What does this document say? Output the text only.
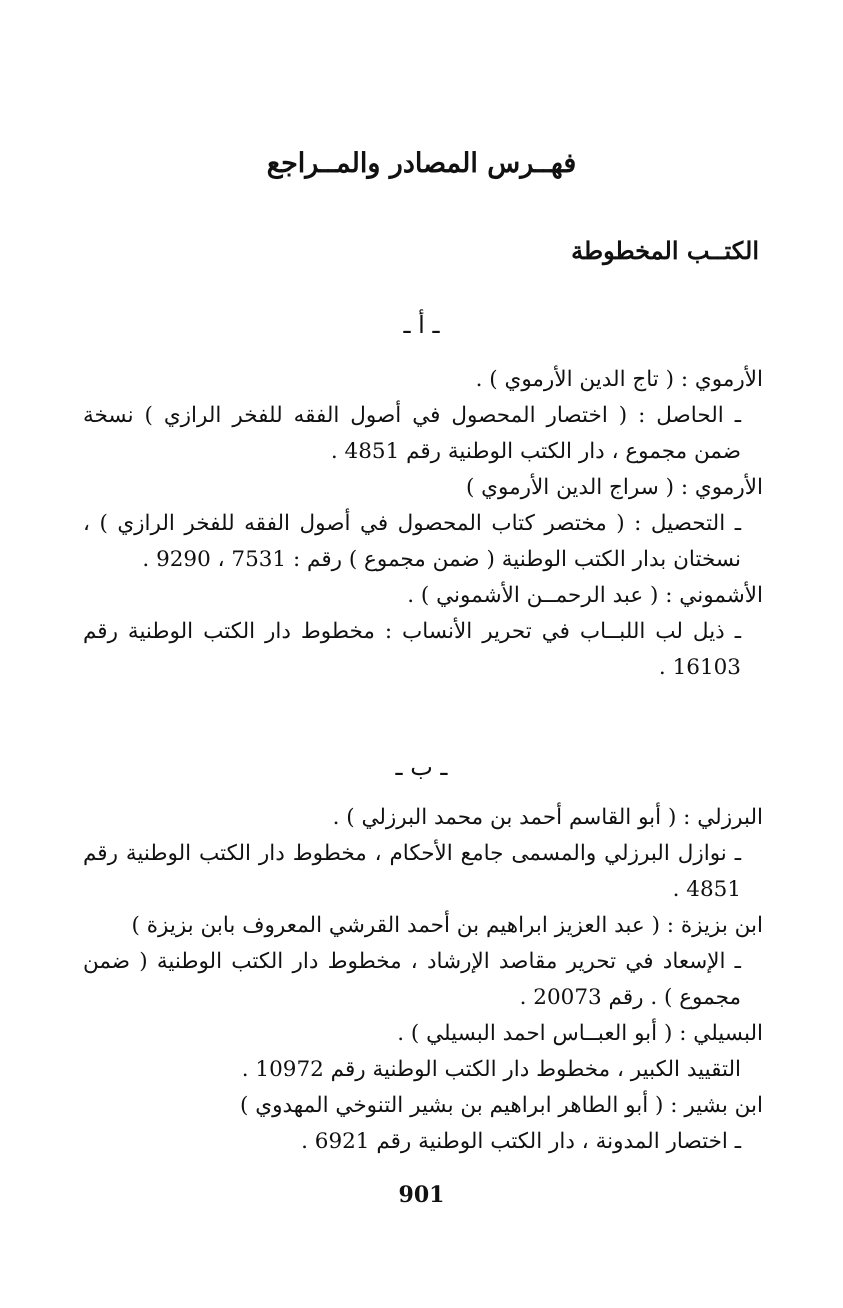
فهــرس المصادر والمــراجع
الكتــب المخطوطة
ـ أ ـ
الأرموي : ( تاج الدين الأرموي ) .
ـ الحاصل : ( اختصار المحصول في أصول الفقه للفخر الرازي ) نسخة ضمن مجموع ، دار الكتب الوطنية رقم 4851 .
الأرموي : ( سراج الدين الأرموي )
ـ التحصيل : ( مختصر كتاب المحصول في أصول الفقه للفخر الرازي ) ، نسختان بدار الكتب الوطنية ( ضمن مجموع ) رقم : 7531 ، 9290 .
الأشموني : ( عبد الرحمــن الأشموني ) .
ـ ذيل لب اللبــاب في تحرير الأنساب : مخطوط دار الكتب الوطنية رقم 16103 .
ـ ب ـ
البرزلي : ( أبو القاسم أحمد بن محمد البرزلي ) .
ـ نوازل البرزلي والمسمى جامع الأحكام ، مخطوط دار الكتب الوطنية رقم 4851 .
ابن بزيزة : ( عبد العزيز ابراهيم بن أحمد القرشي المعروف بابن بزيزة )
ـ الإسعاد في تحرير مقاصد الإرشاد ، مخطوط دار الكتب الوطنية ( ضمن مجموع ) . رقم 20073 .
البسيلي : ( أبو العبــاس احمد البسيلي ) .
التقييد الكبير ، مخطوط دار الكتب الوطنية رقم 10972 .
ابن بشير : ( أبو الطاهر ابراهيم بن بشير التنوخي المهدوي )
ـ اختصار المدونة ، دار الكتب الوطنية رقم 6921 .
901
